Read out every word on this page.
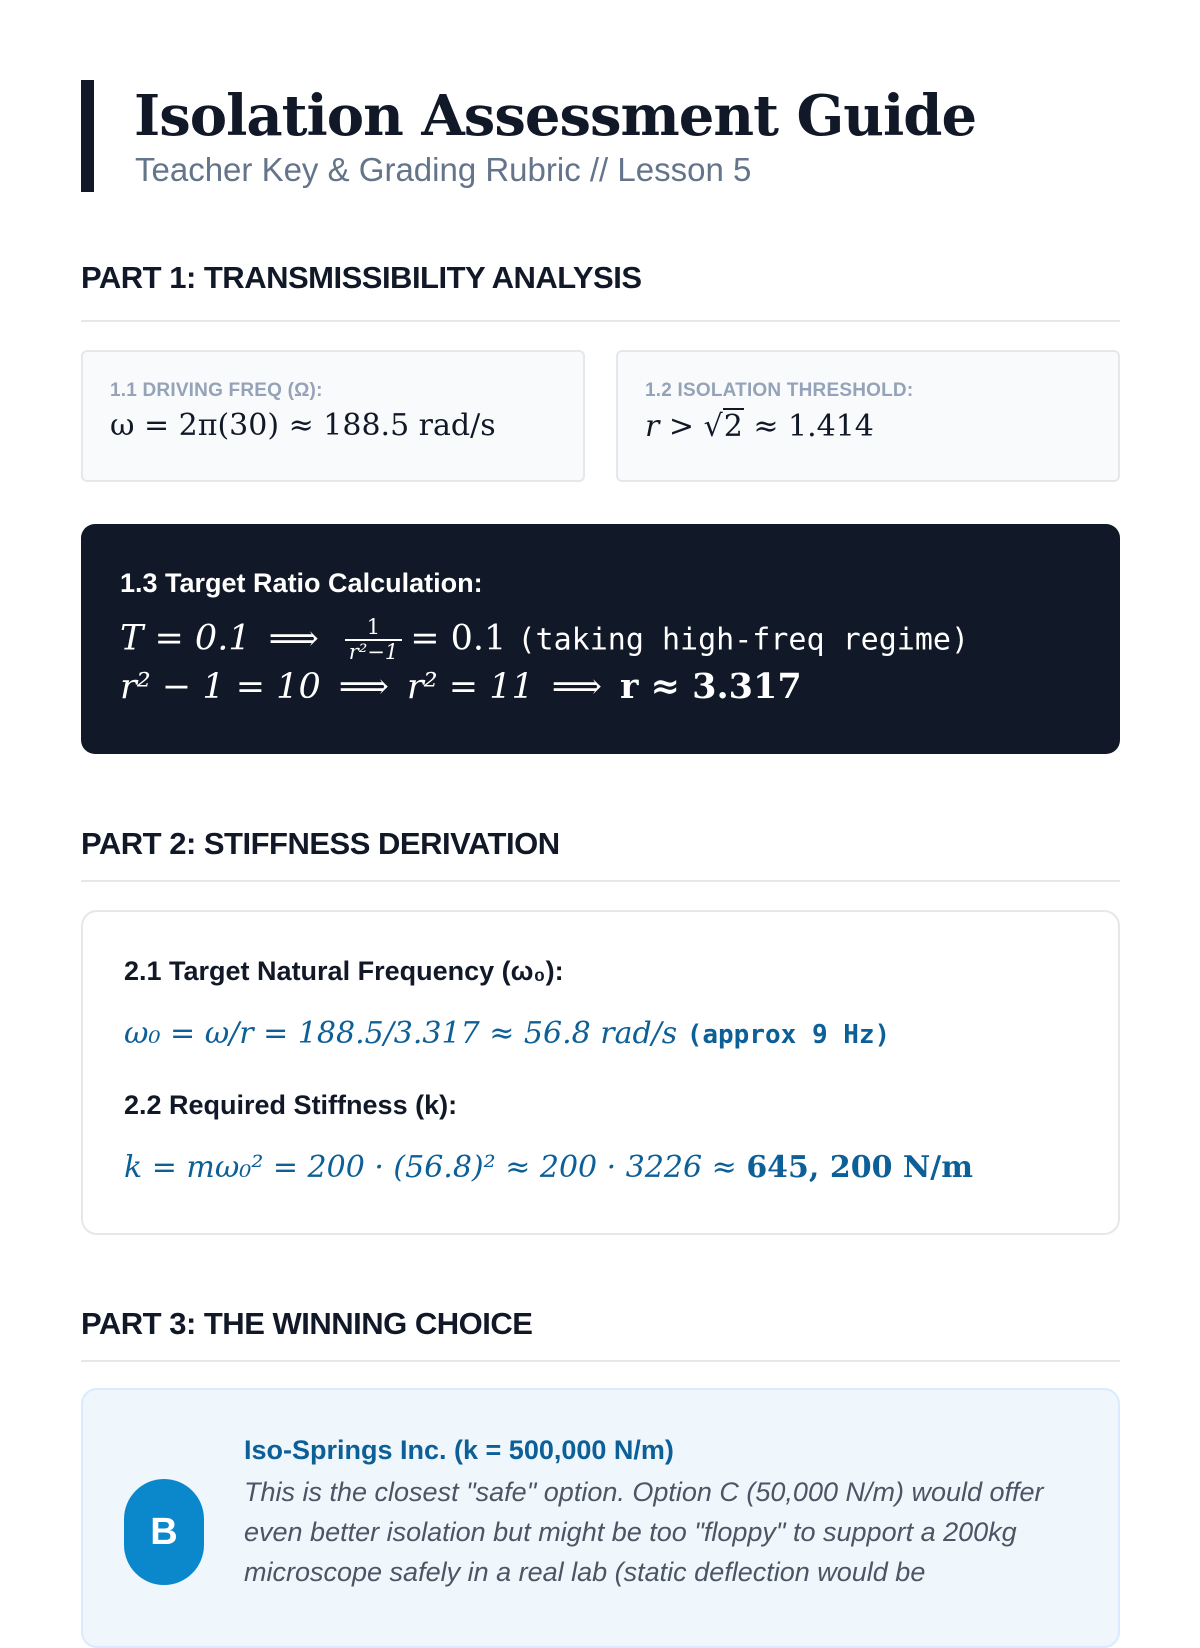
Isolation Assessment Guide
Teacher Key & Grading Rubric // Lesson 5
PART 1: TRANSMISSIBILITY ANALYSIS
1.1 DRIVING FREQ (Ω):
ω = 2π(30) ≈ 188.5 rad/s
1.2 ISOLATION THRESHOLD:
r > √2 ≈ 1.414
1.3 Target Ratio Calculation:
T = 0.1 ⟹ $\frac{1}{\text{r²−1}} = 0.1$ (taking high-freq regime)
r² − 1 = 10 ⟹ r² = 11 ⟹ r ≈ 3.317
PART 2: STIFFNESS DERIVATION
2.1 Target Natural Frequency (ω₀):
ω₀ = ω/r = 188.5/3.317 ≈ 56.8 rad/s (approx 9 Hz)
2.2 Required Stiffness (k):
k = mω₀² = 200 · (56.8)² ≈ 200 · 3226 ≈ 645, 200 N/m
PART 3: THE WINNING CHOICE
B
Iso-Springs Inc. (k = 500,000 N/m)
This is the closest "safe" option. Option C (50,000 N/m) would offer even better isolation but might be too "floppy" to support a 200kg microscope safely in a real lab (static deflection would be
